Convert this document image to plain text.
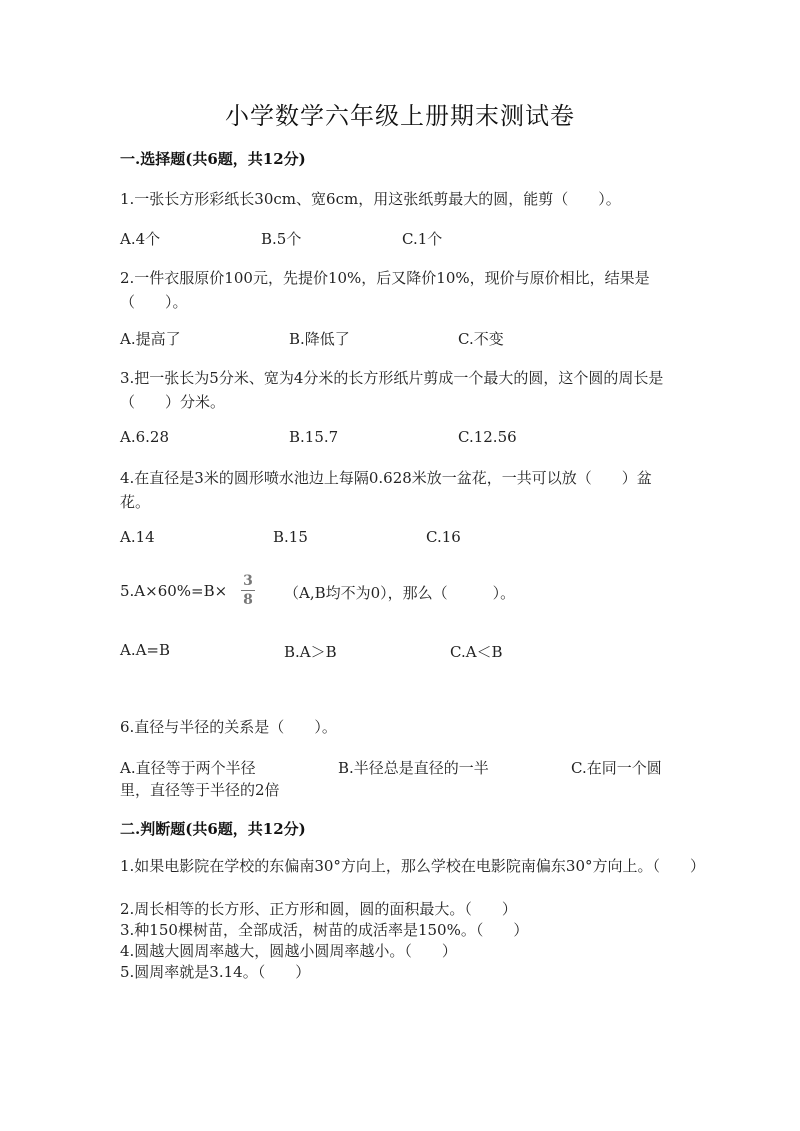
小学数学六年级上册期末测试卷
一.选择题(共6题，共12分)
1.一张长方形彩纸长30cm、宽6cm，用这张纸剪最大的圆，能剪（　　）。
A.4个	B.5个	C.1个
2.一件衣服原价100元，先提价10%，后又降价10%，现价与原价相比，结果是（　　）。
A.提高了	B.降低了	C.不变
3.把一张长为5分米、宽为4分米的长方形纸片剪成一个最大的圆，这个圆的周长是（　　）分米。
A.6.28	B.15.7	C.12.56
4.在直径是3米的圆形喷水池边上每隔0.628米放一盆花，一共可以放（　　）盆花。
A.14	B.15	C.16
5.A×60%=B×
3
8 （A,B均不为0），那么（　　　）。
A.A=B	B.A＞B	C.A＜B
6.直径与半径的关系是（　　）。
A.直径等于两个半径	B.半径总是直径的一半	C.在同一个圆
里，直径等于半径的2倍
二.判断题(共6题，共12分)
1.如果电影院在学校的东偏南30°方向上，那么学校在电影院南偏东30°方向上。（　　）
2.周长相等的长方形、正方形和圆，圆的面积最大。（　　）
3.种150棵树苗，全部成活，树苗的成活率是150%。（　　）
4.圆越大圆周率越大，圆越小圆周率越小。（　　）
5.圆周率就是3.14。（　　）
